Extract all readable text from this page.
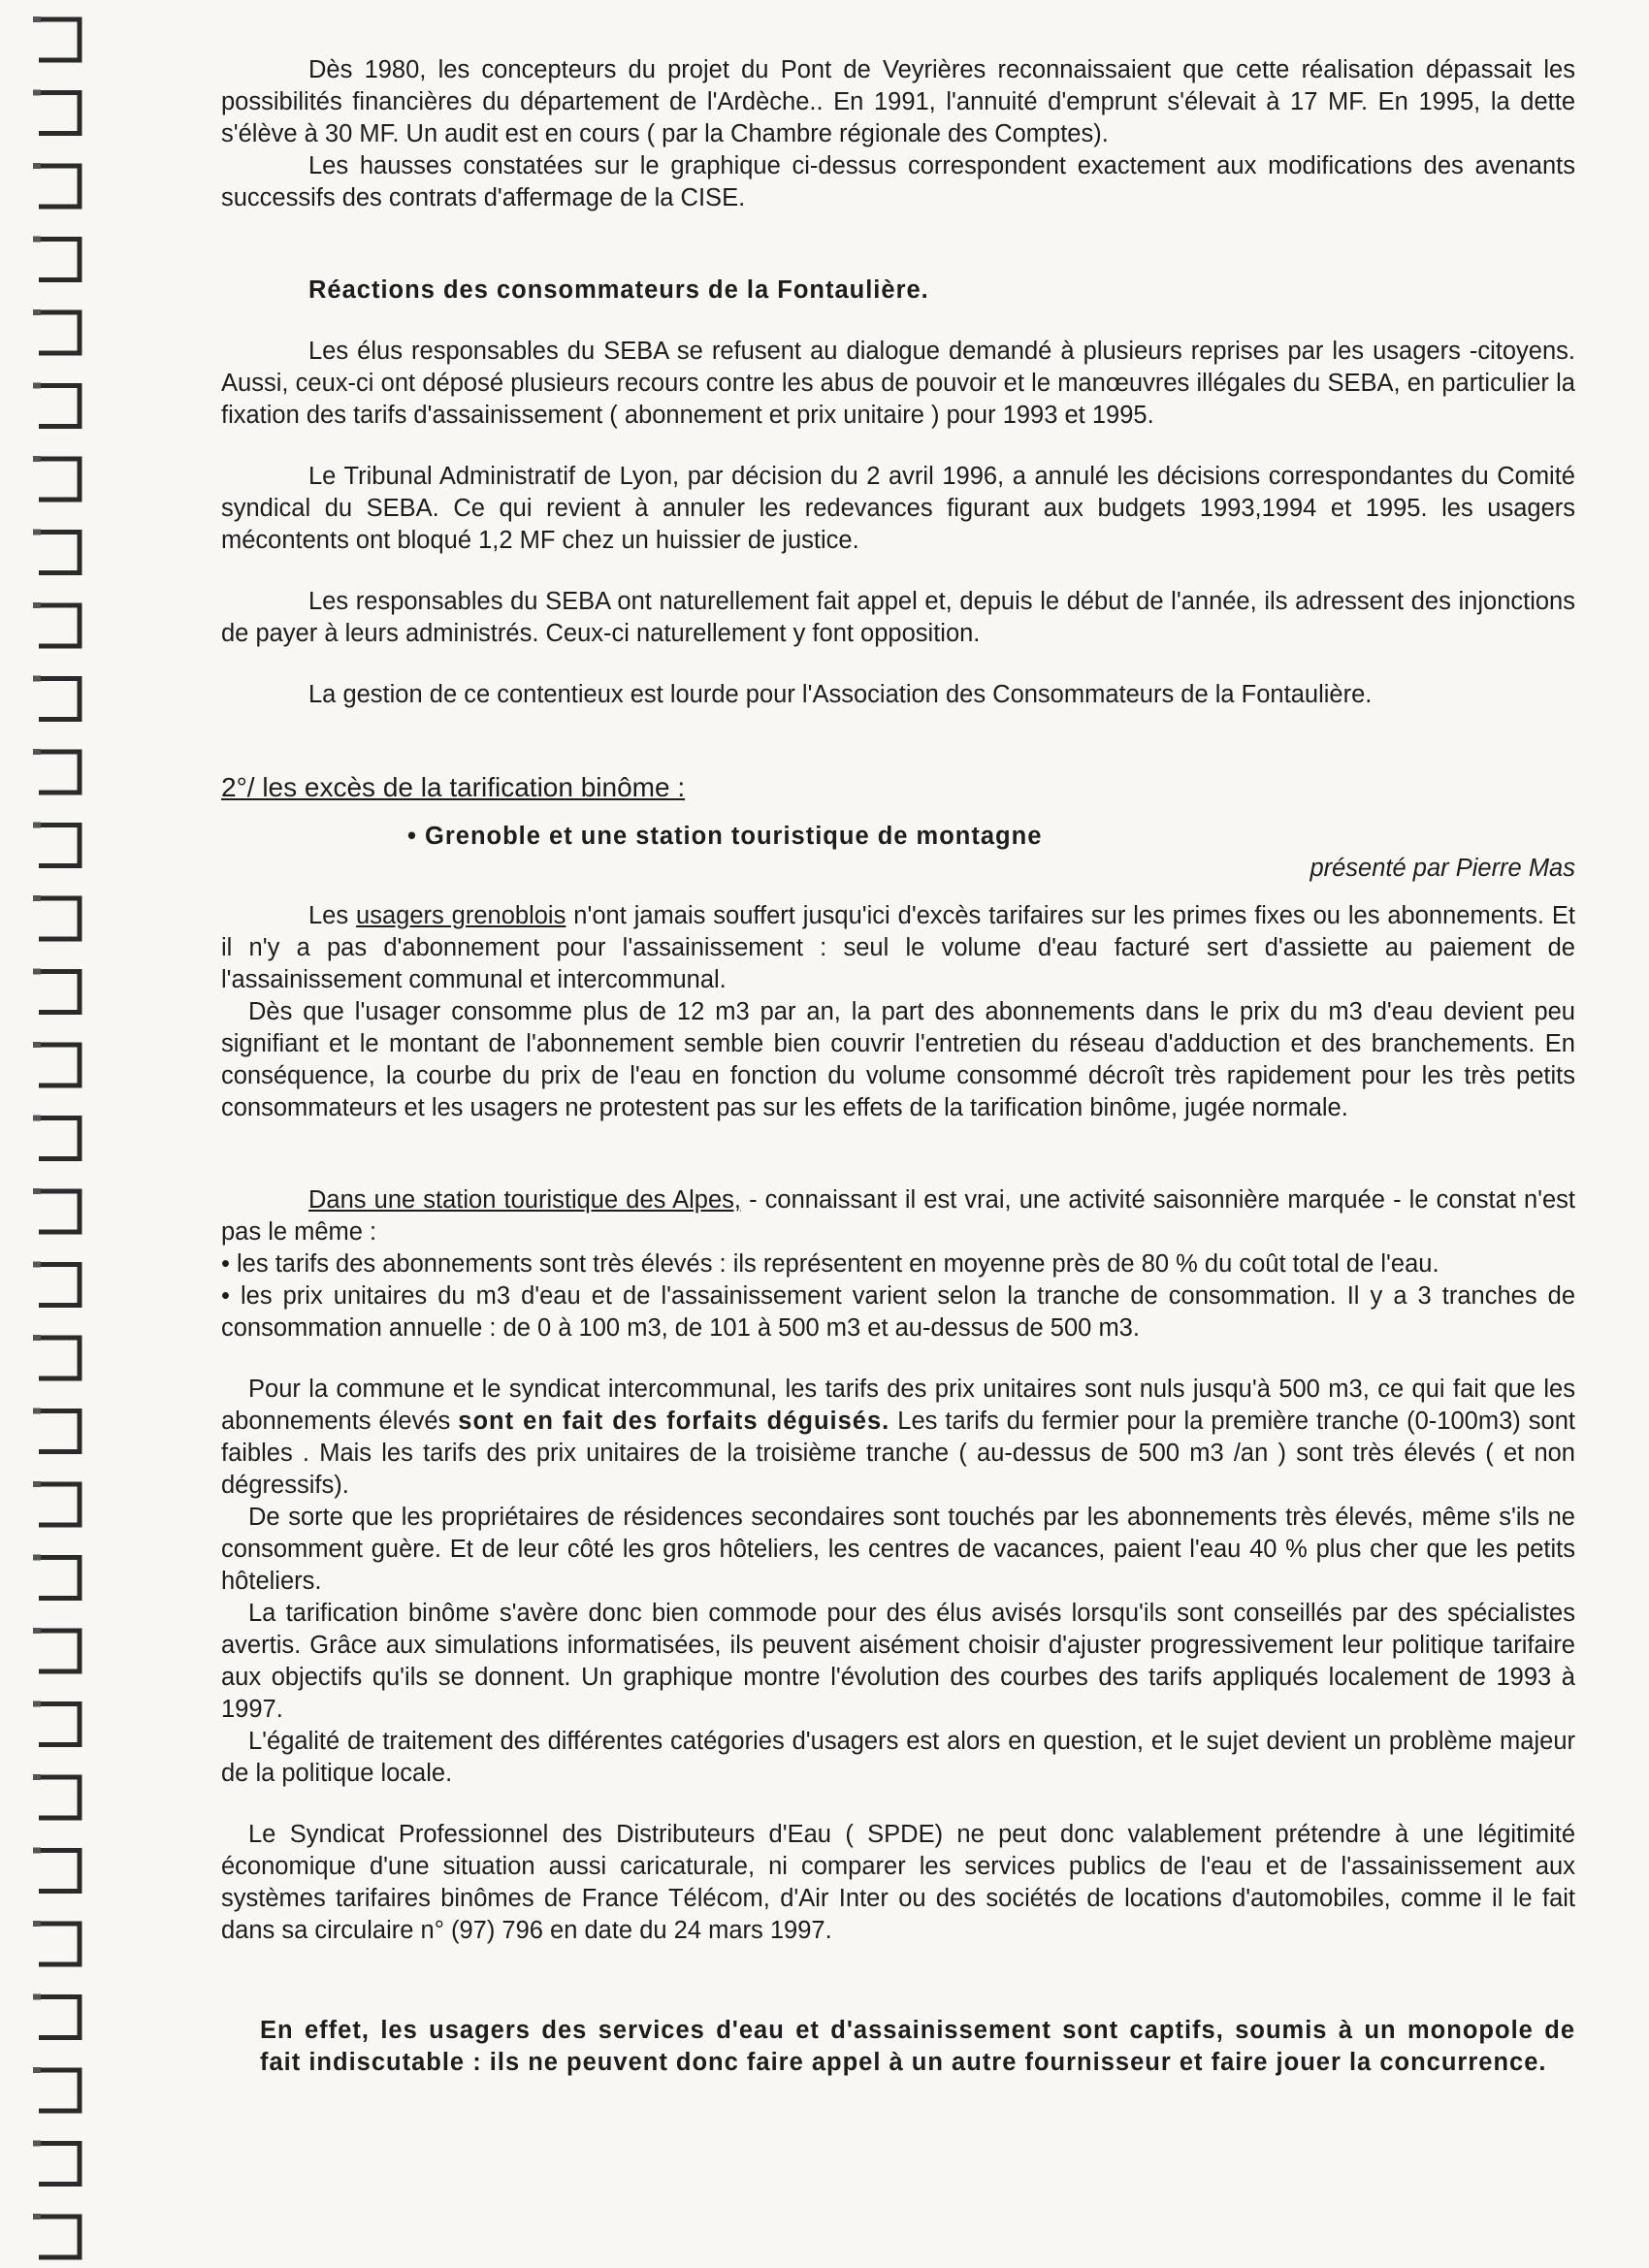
Dès 1980, les concepteurs du projet du Pont de Veyrières reconnaissaient que cette réalisation dépassait les possibilités financières du département de l'Ardèche.. En 1991, l'annuité d'emprunt s'élevait à 17 MF. En 1995, la dette s'élève à 30 MF. Un audit est en cours ( par la Chambre régionale des Comptes).

Les hausses constatées sur le graphique ci-dessus correspondent exactement aux modifications des avenants successifs des contrats d'affermage de la CISE.

Réactions des consommateurs de la Fontaulière.

Les élus responsables du SEBA se refusent au dialogue demandé à plusieurs reprises par les usagers -citoyens. Aussi, ceux-ci ont déposé plusieurs recours contre les abus de pouvoir et le manœuvres illégales du SEBA, en particulier la fixation des tarifs d'assainissement ( abonnement et prix unitaire ) pour 1993 et 1995.

Le Tribunal Administratif de Lyon, par décision du 2 avril 1996, a annulé les décisions correspondantes du Comité syndical du SEBA. Ce qui revient à annuler les redevances figurant aux budgets 1993,1994 et 1995. les usagers mécontents ont bloqué 1,2 MF chez un huissier de justice.

Les responsables du SEBA ont naturellement fait appel et, depuis le début de l'année, ils adressent des injonctions de payer à leurs administrés. Ceux-ci naturellement y font opposition.

La gestion de ce contentieux est lourde pour l'Association des Consommateurs de la Fontaulière.

2°/ les excès de la tarification binôme :

• Grenoble et une station touristique de montagne

présenté par Pierre Mas

Les usagers grenoblois n'ont jamais souffert jusqu'ici d'excès tarifaires sur les primes fixes ou les abonnements. Et il n'y a pas d'abonnement pour l'assainissement : seul le volume d'eau facturé sert d'assiette au paiement de l'assainissement communal et intercommunal.

Dès que l'usager consomme plus de 12 m3 par an, la part des abonnements dans le prix du m3 d'eau devient peu signifiant et le montant de l'abonnement semble bien couvrir l'entretien du réseau d'adduction et des branchements. En conséquence, la courbe du prix de l'eau en fonction du volume consommé décroît très rapidement pour les très petits consommateurs et les usagers ne protestent pas sur les effets de la tarification binôme, jugée normale.

Dans une station touristique des Alpes, - connaissant il est vrai, une activité saisonnière marquée - le constat n'est pas le même :

• les tarifs des abonnements sont très élevés : ils représentent en moyenne près de 80 % du coût total de l'eau.

• les prix unitaires du m3 d'eau et de l'assainissement varient selon la tranche de consommation. Il y a 3 tranches de consommation annuelle : de 0 à 100 m3, de 101 à 500 m3 et au-dessus de 500 m3.

Pour la commune et le syndicat intercommunal, les tarifs des prix unitaires sont nuls jusqu'à 500 m3, ce qui fait que les abonnements élevés sont en fait des forfaits déguisés. Les tarifs du fermier pour la première tranche (0-100m3) sont faibles . Mais les tarifs des prix unitaires de la troisième tranche ( au-dessus de 500 m3 /an ) sont très élevés ( et non dégressifs).

De sorte que les propriétaires de résidences secondaires sont touchés par les abonnements très élevés, même s'ils ne consomment guère. Et de leur côté les gros hôteliers, les centres de vacances, paient l'eau 40 % plus cher que les petits hôteliers.

La tarification binôme s'avère donc bien commode pour des élus avisés lorsqu'ils sont conseillés par des spécialistes avertis. Grâce aux simulations informatisées, ils peuvent aisément choisir d'ajuster progressivement leur politique tarifaire aux objectifs qu'ils se donnent. Un graphique montre l'évolution des courbes des tarifs appliqués localement de 1993 à 1997.

L'égalité de traitement des différentes catégories d'usagers est alors en question, et le sujet devient un problème majeur de la politique locale.

Le Syndicat Professionnel des Distributeurs d'Eau ( SPDE) ne peut donc valablement prétendre à une légitimité économique d'une situation aussi caricaturale, ni comparer les services publics de l'eau et de l'assainissement aux systèmes tarifaires binômes de France Télécom, d'Air Inter ou des sociétés de locations d'automobiles, comme il le fait dans sa circulaire n° (97) 796 en date du 24 mars 1997.

En effet, les usagers des services d'eau et d'assainissement sont captifs, soumis à un monopole de fait indiscutable : ils ne peuvent donc faire appel à un autre fournisseur et faire jouer la concurrence.
